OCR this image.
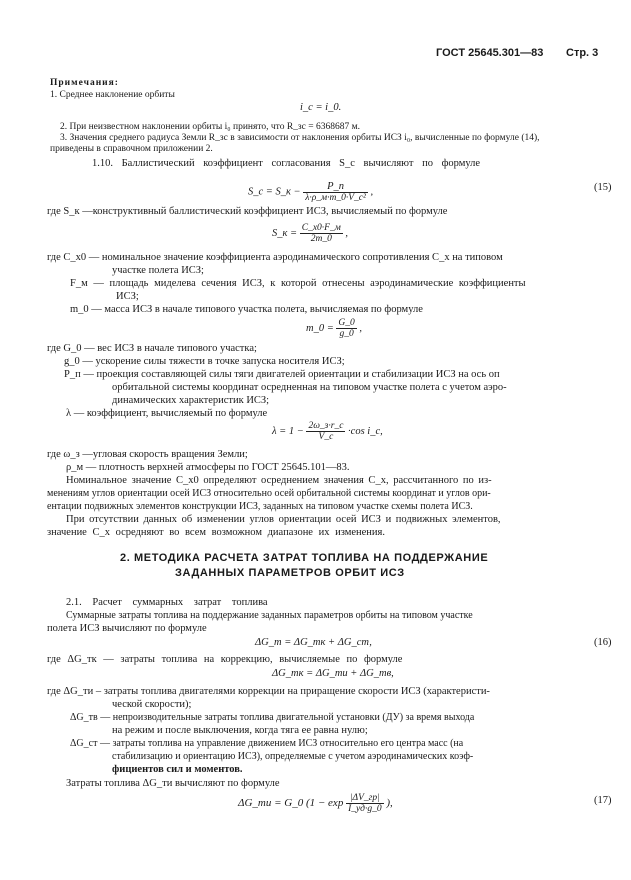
ГОСТ 25645.301—83 Стр. 3
Примечания:
1. Среднее наклонение орбиты
i_c = i_0.
2. При неизвестном наклонении орбиты i₀ принято, что R_зс = 6368687 м.
3. Значения среднего радиуса Земли R_зс в зависимости от наклонения орбиты ИСЗ i₀, вычисленные по формуле (14),
приведены в справочном приложении 2.
1.10. Баллистический коэффициент согласования S_c вычисляют по формуле
S_c = S_к − $\frac{P\_п}{\text{λ·ρ\_м·m\_0·V\_c²}}$ ,	(15)
где S_к —конструктивный баллистический коэффициент ИСЗ, вычисляемый по формуле
S_к = $\frac{C\_x0\cdot F\_м}{2m\_0}$ ,
где C_x0 — номинальное значение коэффициента аэродинамического сопротивления C_x на типовом
участке полета ИСЗ;
F_м — площадь миделева сечения ИСЗ, к которой отнесены аэродинамические коэффициенты
ИСЗ;
m_0 — масса ИСЗ в начале типового участка полета, вычисляемая по формуле
m_0 = $\frac{G\_0}{g\_0}$ ,
где G_0 — вес ИСЗ в начале типового участка;
g_0 — ускорение силы тяжести в точке запуска носителя ИСЗ;
P_п — проекция составляющей силы тяги двигателей ориентации и стабилизации ИСЗ на ось оп
орбитальной системы координат осредненная на типовом участке полета с учетом аэро-
динамических характеристик ИСЗ;
λ — коэффициент, вычисляемый по формуле
$\lambda = 1 - \frac{2\omega\_з\cdot r\_c}{V\_c} \cdot\cos$ i_c,
где ω_з —угловая скорость вращения Земли;
ρ_м — плотность верхней атмосферы по ГОСТ 25645.101—83.
Номинальное значение C_x0 определяют осреднением значения C_x, рассчитанного по из-
менениям углов ориентации осей ИСЗ относительно осей орбитальной системы координат и углов ори-
ентации подвижных элементов конструкции ИСЗ, заданных на типовом участке схемы полета ИСЗ.
При отсутствии данных об изменении углов ориентации осей ИСЗ и подвижных элементов,
значение C_x осредняют во всем возможном диапазоне их изменения.
2. МЕТОДИКА РАСЧЕТА ЗАТРАТ ТОПЛИВА НА ПОДДЕРЖАНИЕ
ЗАДАННЫХ ПАРАМЕТРОВ ОРБИТ ИСЗ
2.1. Расчет суммарных затрат топлива
Суммарные затраты топлива на поддержание заданных параметров орбиты на типовом участке
полета ИСЗ вычисляют по формуле
ΔG_т = ΔG_тк + ΔG_ст,	(16)
где ΔG_тк — затраты топлива на коррекцию, вычисляемые по формуле
ΔG_тк = ΔG_ти + ΔG_тв,
где ΔG_ти – затраты топлива двигателями коррекции на приращение скорости ИСЗ (характеристи-
ческой скорости);
ΔG_тв — непроизводительные затраты топлива двигательной установки (ДУ) за время выхода
на режим и после выключения, когда тяга ее равна нулю;
ΔG_ст — затраты топлива на управление движением ИСЗ относительно его центра масс (на
стабилизацию и ориентацию ИСЗ), определяемые с учетом аэродинамических коэф-
фициентов сил и моментов.
Затраты топлива ΔG_ти вычисляют по формуле
ΔG_ти = G_0 ($1 - \exp \frac{|\Delta V\_гр|}{I\_уд\cdot g\_0}$ ),	(17)
